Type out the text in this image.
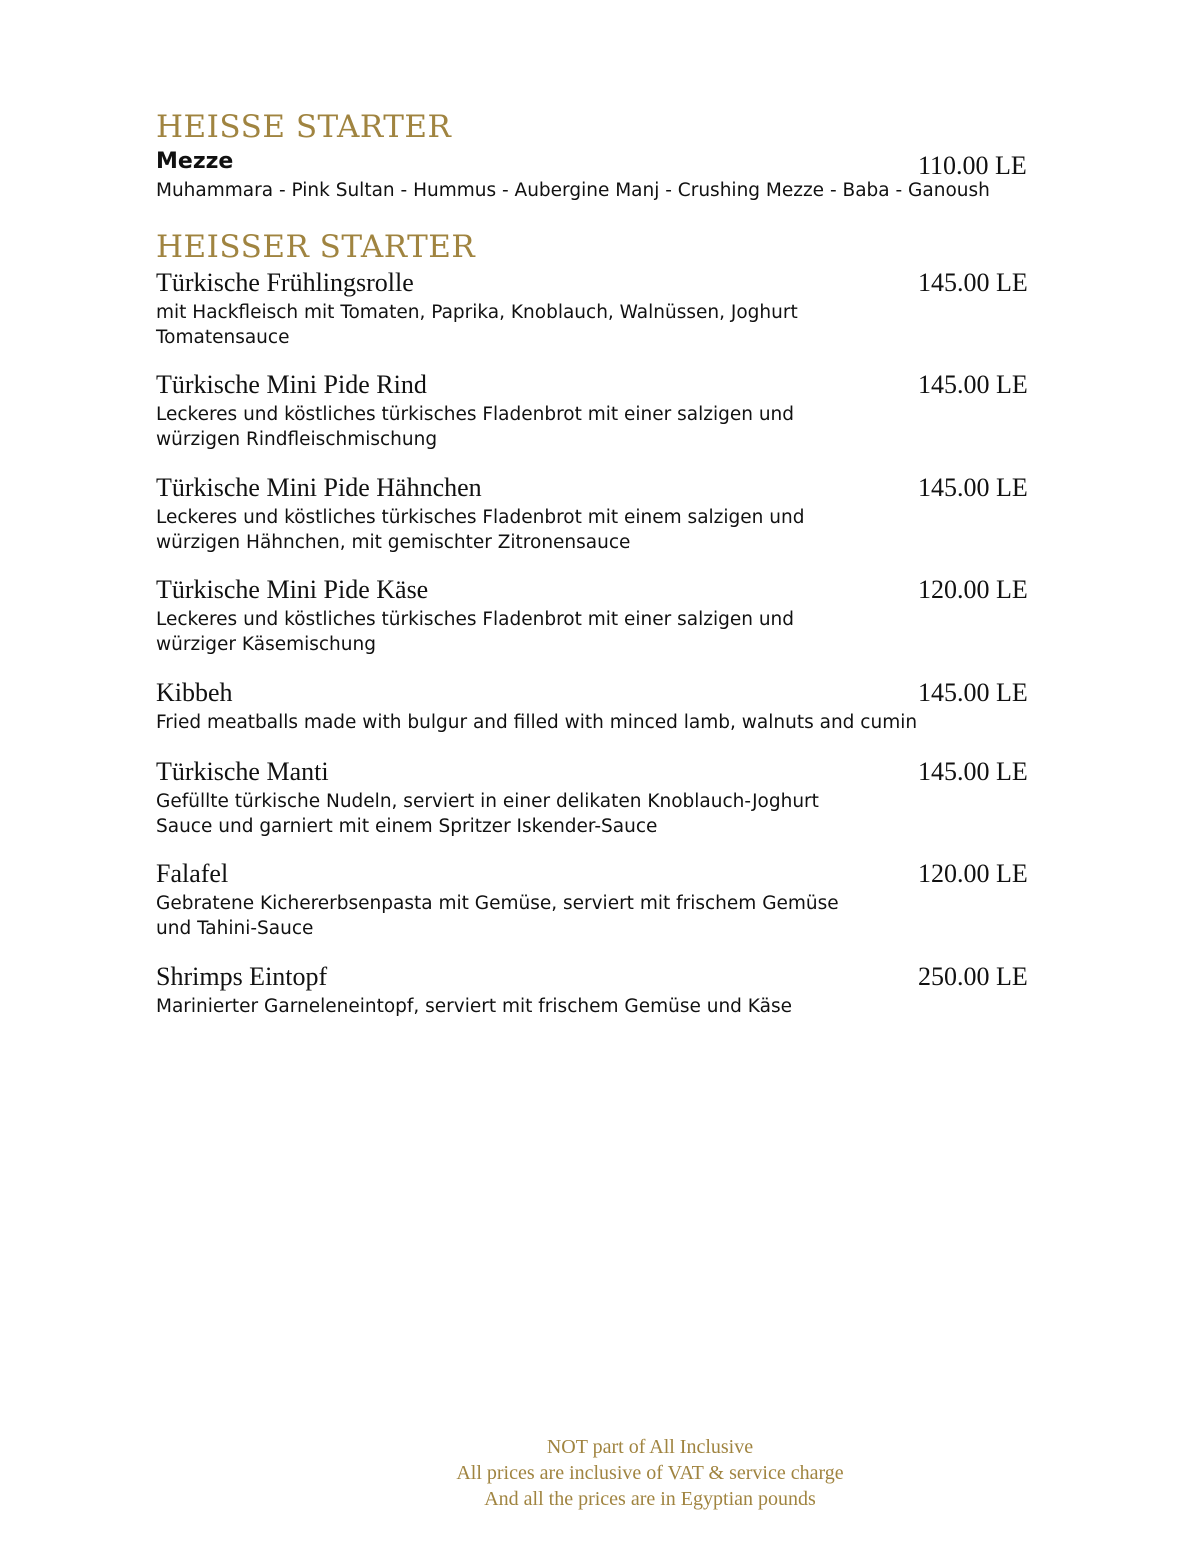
HEISSE STARTER
Mezze	110.00 LE
Muhammara - Pink Sultan - Hummus - Aubergine Manj - Crushing Mezze - Baba - Ganoush
HEISSER STARTER
Türkische Frühlingsrolle	145.00 LE
mit Hackfleisch mit Tomaten, Paprika, Knoblauch, Walnüssen, Joghurt
Tomatensauce
Türkische Mini Pide Rind	145.00 LE
Leckeres und köstliches türkisches Fladenbrot mit einer salzigen und
würzigen Rindfleischmischung
Türkische Mini Pide Hähnchen	145.00 LE
Leckeres und köstliches türkisches Fladenbrot mit einem salzigen und
würzigen Hähnchen, mit gemischter Zitronensauce
Türkische Mini Pide Käse	120.00 LE
Leckeres und köstliches türkisches Fladenbrot mit einer salzigen und
würziger Käsemischung
Kibbeh	145.00 LE
Fried meatballs made with bulgur and filled with minced lamb, walnuts and cumin
Türkische Manti	145.00 LE
Gefüllte türkische Nudeln, serviert in einer delikaten Knoblauch-Joghurt
Sauce und garniert mit einem Spritzer Iskender-Sauce
Falafel	120.00 LE
Gebratene Kichererbsenpasta mit Gemüse, serviert mit frischem Gemüse
und Tahini-Sauce
Shrimps Eintopf	250.00 LE
Marinierter Garneleneintopf, serviert mit frischem Gemüse und Käse
NOT part of All Inclusive
All prices are inclusive of VAT & service charge
And all the prices are in Egyptian pounds
